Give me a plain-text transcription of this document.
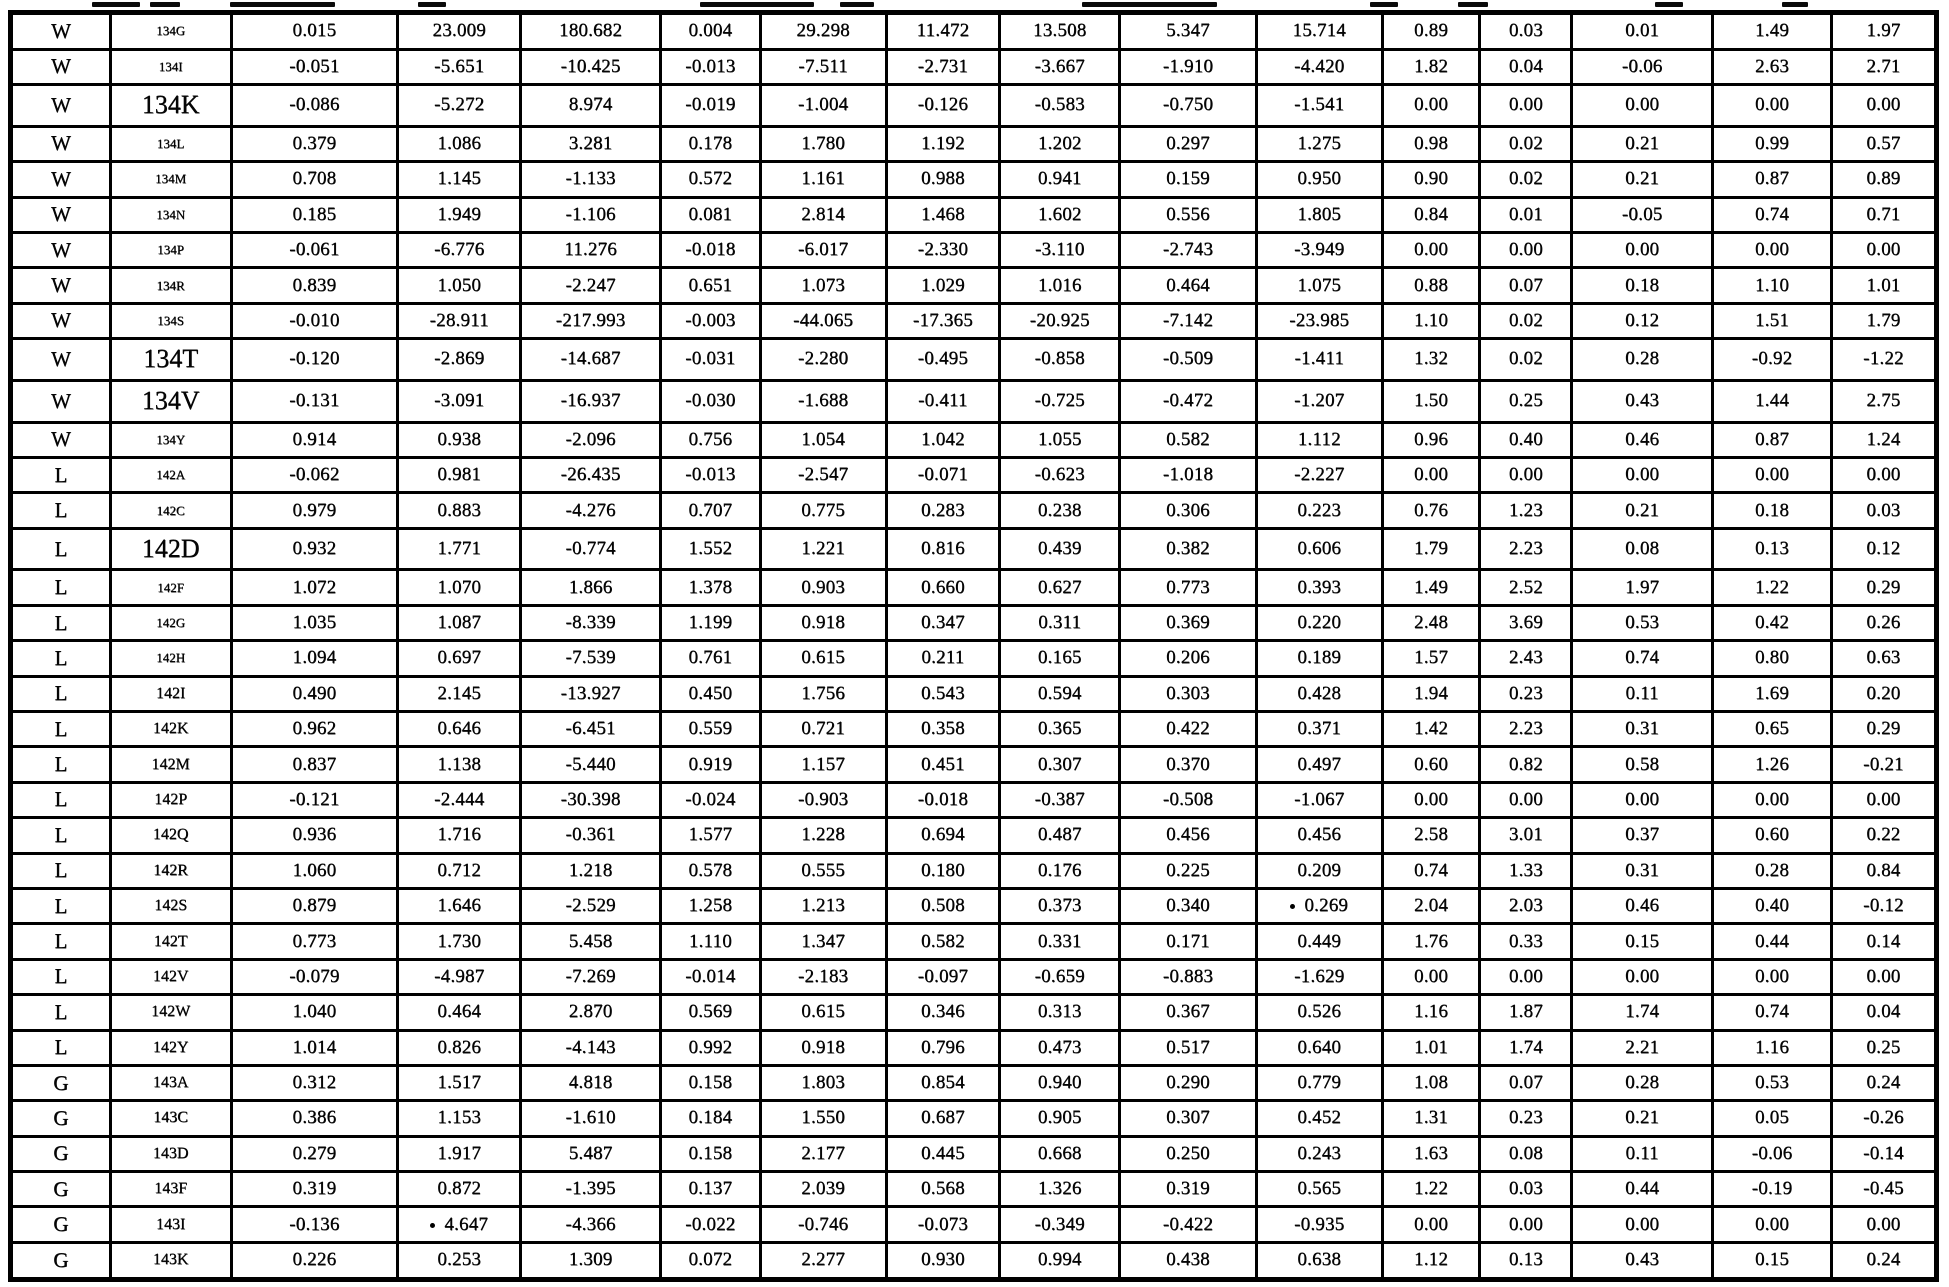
W	134G	0.015	23.009	180.682	0.004	29.298	11.472	13.508	5.347	15.714	0.89	0.03	0.01	1.49	1.97
W	134I	-0.051	-5.651	-10.425	-0.013	-7.511	-2.731	-3.667	-1.910	-4.420	1.82	0.04	-0.06	2.63	2.71
W	134K	-0.086	-5.272	8.974	-0.019	-1.004	-0.126	-0.583	-0.750	-1.541	0.00	0.00	0.00	0.00	0.00
W	134L	0.379	1.086	3.281	0.178	1.780	1.192	1.202	0.297	1.275	0.98	0.02	0.21	0.99	0.57
W	134M	0.708	1.145	-1.133	0.572	1.161	0.988	0.941	0.159	0.950	0.90	0.02	0.21	0.87	0.89
W	134N	0.185	1.949	-1.106	0.081	2.814	1.468	1.602	0.556	1.805	0.84	0.01	-0.05	0.74	0.71
W	134P	-0.061	-6.776	11.276	-0.018	-6.017	-2.330	-3.110	-2.743	-3.949	0.00	0.00	0.00	0.00	0.00
W	134R	0.839	1.050	-2.247	0.651	1.073	1.029	1.016	0.464	1.075	0.88	0.07	0.18	1.10	1.01
W	134S	-0.010	-28.911	-217.993	-0.003	-44.065	-17.365	-20.925	-7.142	-23.985	1.10	0.02	0.12	1.51	1.79
W	134T	-0.120	-2.869	-14.687	-0.031	-2.280	-0.495	-0.858	-0.509	-1.411	1.32	0.02	0.28	-0.92	-1.22
W	134V	-0.131	-3.091	-16.937	-0.030	-1.688	-0.411	-0.725	-0.472	-1.207	1.50	0.25	0.43	1.44	2.75
W	134Y	0.914	0.938	-2.096	0.756	1.054	1.042	1.055	0.582	1.112	0.96	0.40	0.46	0.87	1.24
L	142A	-0.062	0.981	-26.435	-0.013	-2.547	-0.071	-0.623	-1.018	-2.227	0.00	0.00	0.00	0.00	0.00
L	142C	0.979	0.883	-4.276	0.707	0.775	0.283	0.238	0.306	0.223	0.76	1.23	0.21	0.18	0.03
L	142D	0.932	1.771	-0.774	1.552	1.221	0.816	0.439	0.382	0.606	1.79	2.23	0.08	0.13	0.12
L	142F	1.072	1.070	1.866	1.378	0.903	0.660	0.627	0.773	0.393	1.49	2.52	1.97	1.22	0.29
L	142G	1.035	1.087	-8.339	1.199	0.918	0.347	0.311	0.369	0.220	2.48	3.69	0.53	0.42	0.26
L	142H	1.094	0.697	-7.539	0.761	0.615	0.211	0.165	0.206	0.189	1.57	2.43	0.74	0.80	0.63
L	142I	0.490	2.145	-13.927	0.450	1.756	0.543	0.594	0.303	0.428	1.94	0.23	0.11	1.69	0.20
L	142K	0.962	0.646	-6.451	0.559	0.721	0.358	0.365	0.422	0.371	1.42	2.23	0.31	0.65	0.29
L	142M	0.837	1.138	-5.440	0.919	1.157	0.451	0.307	0.370	0.497	0.60	0.82	0.58	1.26	-0.21
L	142P	-0.121	-2.444	-30.398	-0.024	-0.903	-0.018	-0.387	-0.508	-1.067	0.00	0.00	0.00	0.00	0.00
L	142Q	0.936	1.716	-0.361	1.577	1.228	0.694	0.487	0.456	0.456	2.58	3.01	0.37	0.60	0.22
L	142R	1.060	0.712	1.218	0.578	0.555	0.180	0.176	0.225	0.209	0.74	1.33	0.31	0.28	0.84
L	142S	0.879	1.646	-2.529	1.258	1.213	0.508	0.373	0.340	0.269	2.04	2.03	0.46	0.40	-0.12
L	142T	0.773	1.730	5.458	1.110	1.347	0.582	0.331	0.171	0.449	1.76	0.33	0.15	0.44	0.14
L	142V	-0.079	-4.987	-7.269	-0.014	-2.183	-0.097	-0.659	-0.883	-1.629	0.00	0.00	0.00	0.00	0.00
L	142W	1.040	0.464	2.870	0.569	0.615	0.346	0.313	0.367	0.526	1.16	1.87	1.74	0.74	0.04
L	142Y	1.014	0.826	-4.143	0.992	0.918	0.796	0.473	0.517	0.640	1.01	1.74	2.21	1.16	0.25
G	143A	0.312	1.517	4.818	0.158	1.803	0.854	0.940	0.290	0.779	1.08	0.07	0.28	0.53	0.24
G	143C	0.386	1.153	-1.610	0.184	1.550	0.687	0.905	0.307	0.452	1.31	0.23	0.21	0.05	-0.26
G	143D	0.279	1.917	5.487	0.158	2.177	0.445	0.668	0.250	0.243	1.63	0.08	0.11	-0.06	-0.14
G	143F	0.319	0.872	-1.395	0.137	2.039	0.568	1.326	0.319	0.565	1.22	0.03	0.44	-0.19	-0.45
G	143I	-0.136	4.647	-4.366	-0.022	-0.746	-0.073	-0.349	-0.422	-0.935	0.00	0.00	0.00	0.00	0.00
G	143K	0.226	0.253	1.309	0.072	2.277	0.930	0.994	0.438	0.638	1.12	0.13	0.43	0.15	0.24
